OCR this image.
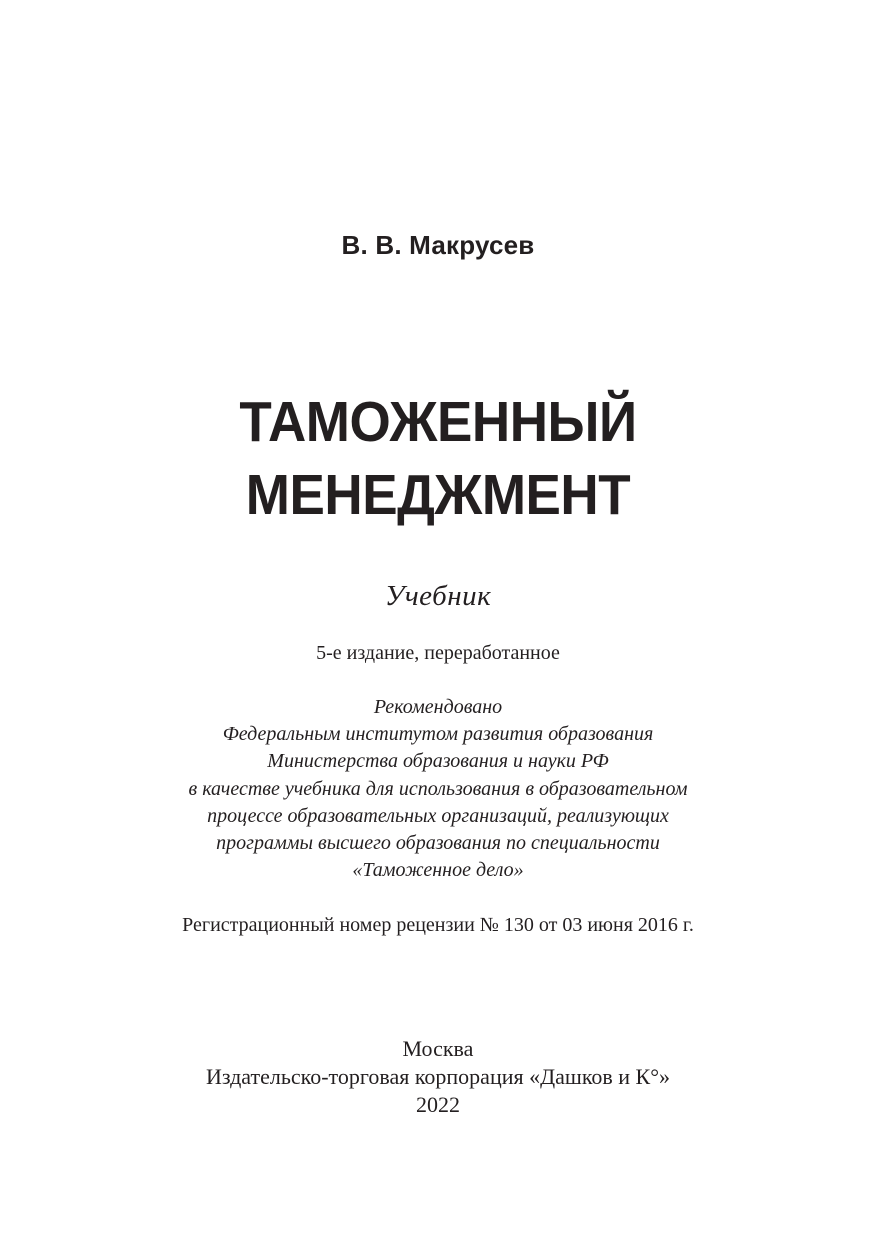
В. В. Макрусев
ТАМОЖЕННЫЙ
МЕНЕДЖМЕНТ
Учебник
5-е издание, переработанное
Рекомендовано
Федеральным институтом развития образования
Министерства образования и науки РФ
в качестве учебника для использования в образовательном
процессе образовательных организаций, реализующих
программы высшего образования по специальности
«Таможенное дело»
Регистрационный номер рецензии № 130 от 03 июня 2016 г.
Москва
Издательско-торговая корпорация «Дашков и К°»
2022
